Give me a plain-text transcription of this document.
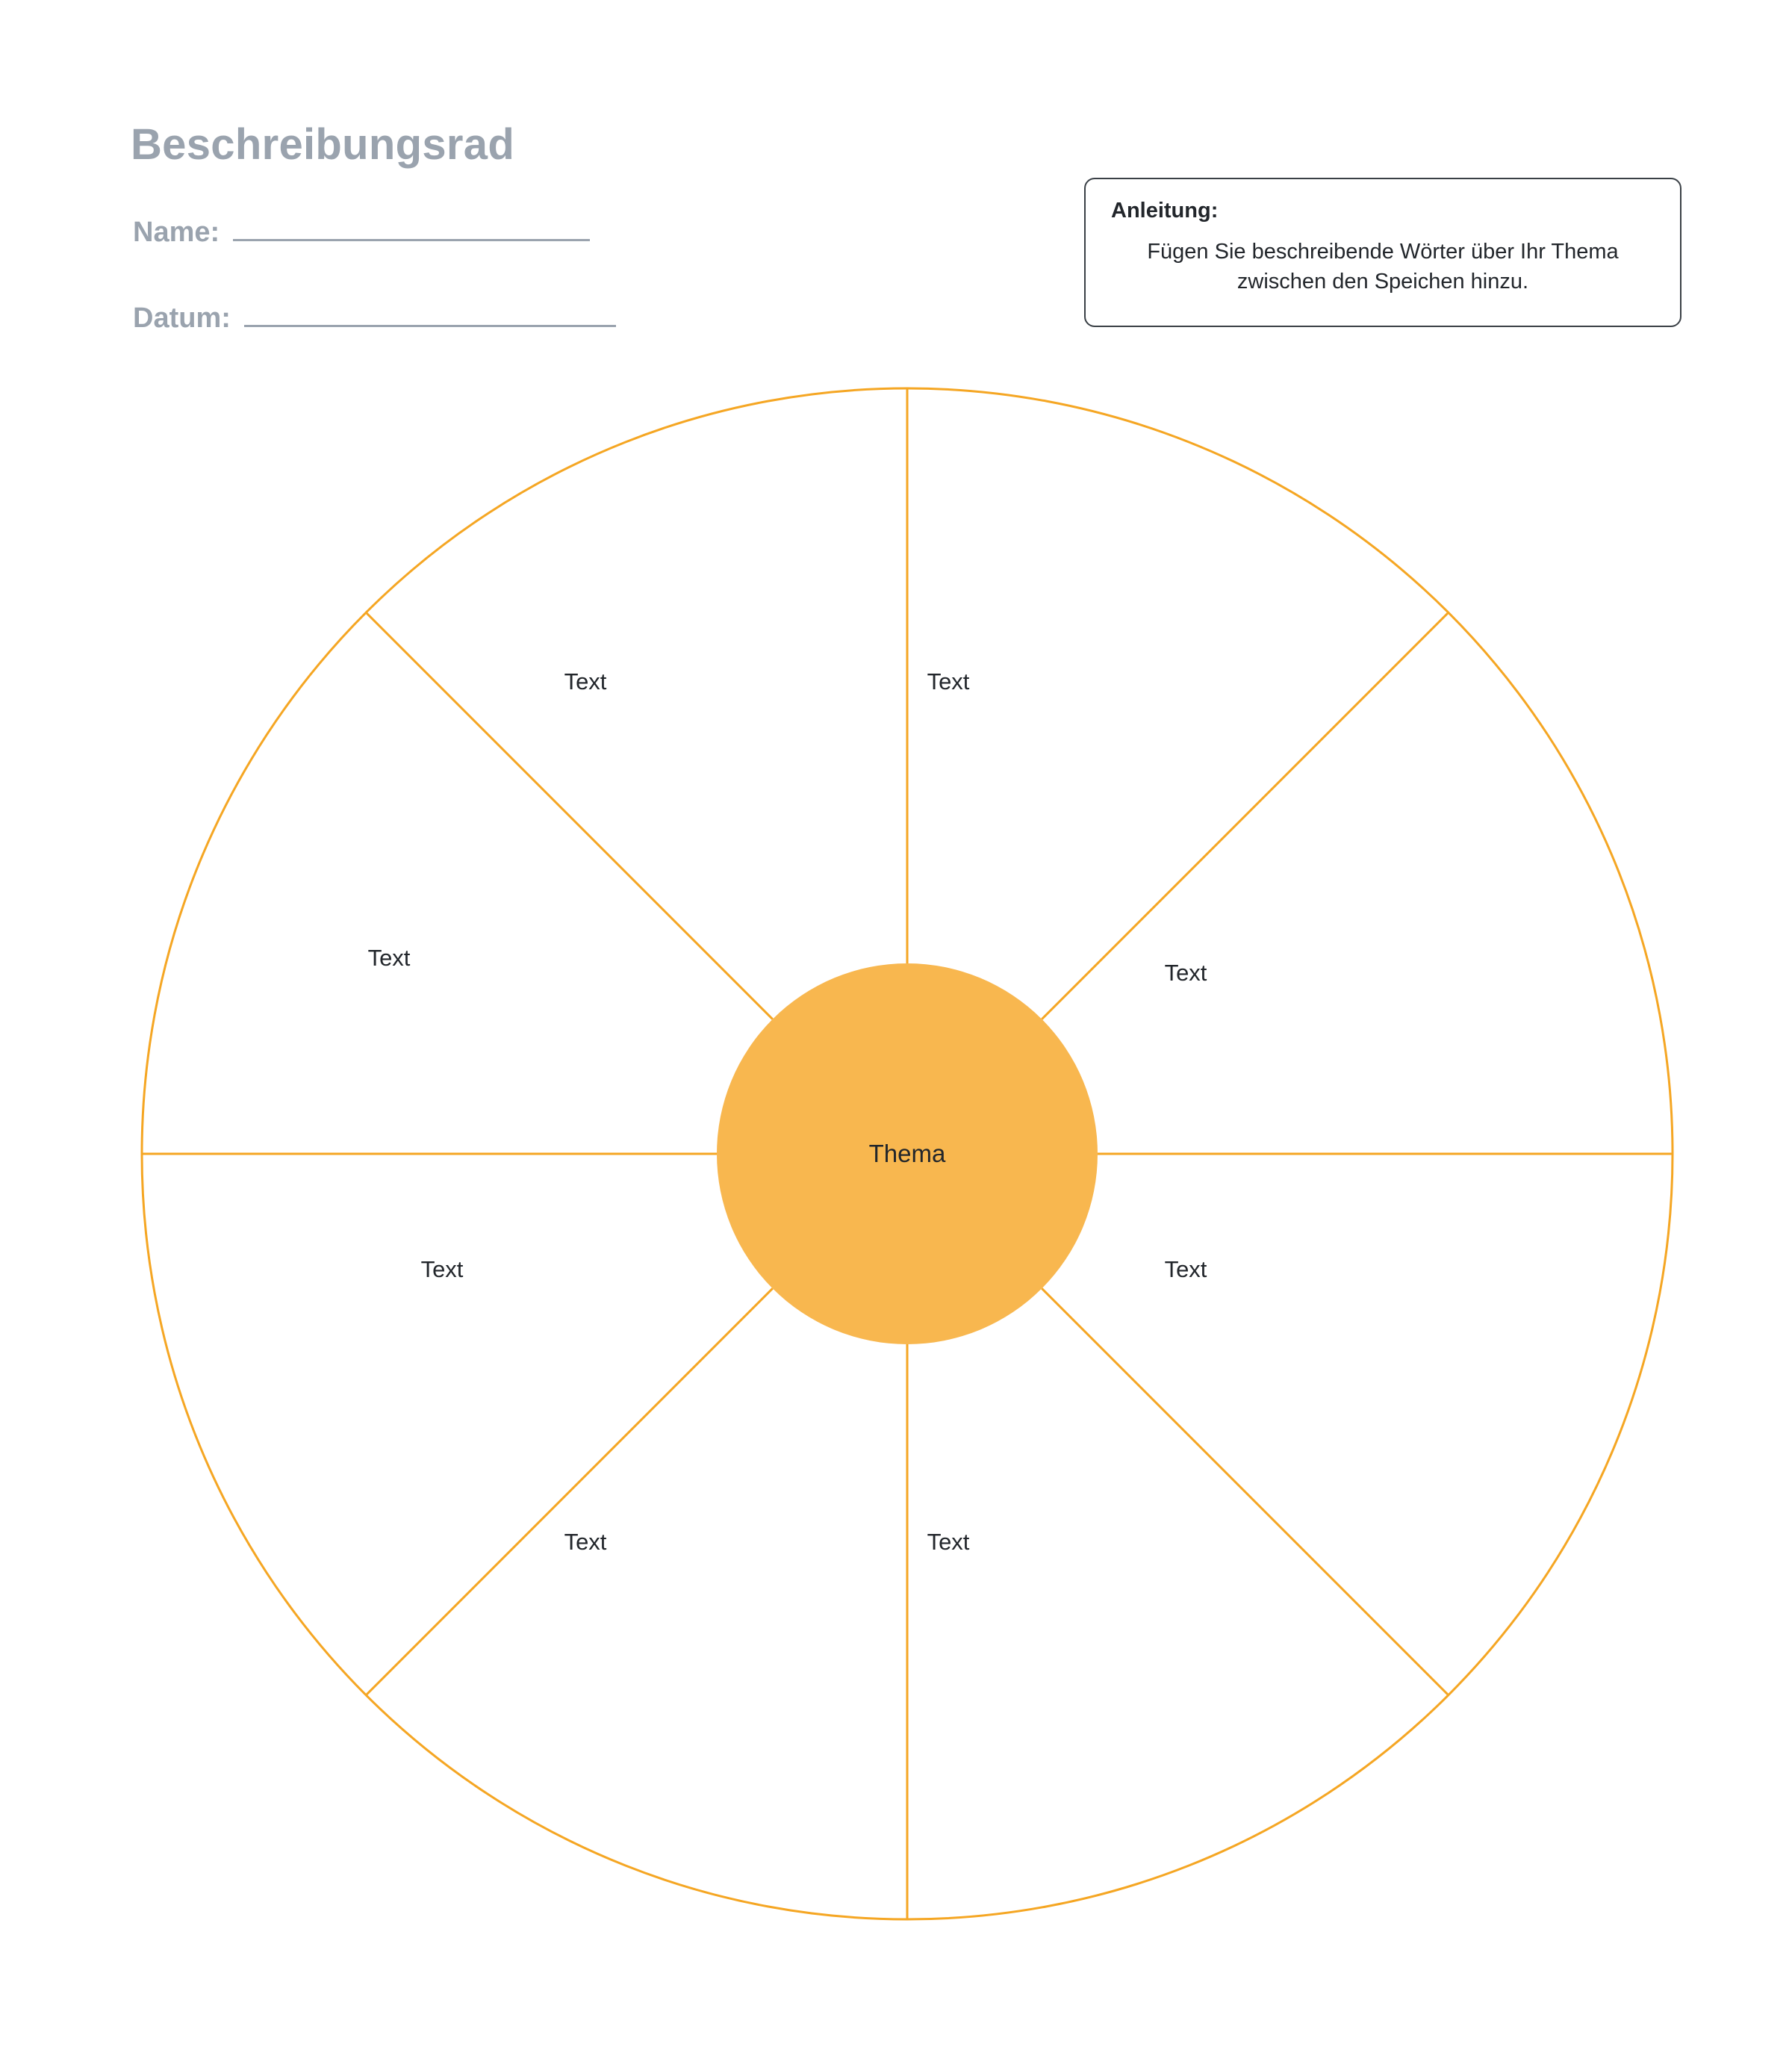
Beschreibungsrad
Name:
Datum:

Anleitung:

Fügen Sie beschreibende Wörter über Ihr Thema zwischen den Speichen hinzu.

Thema
Text	Text
Text
Text
Text
Text
Text
Text
